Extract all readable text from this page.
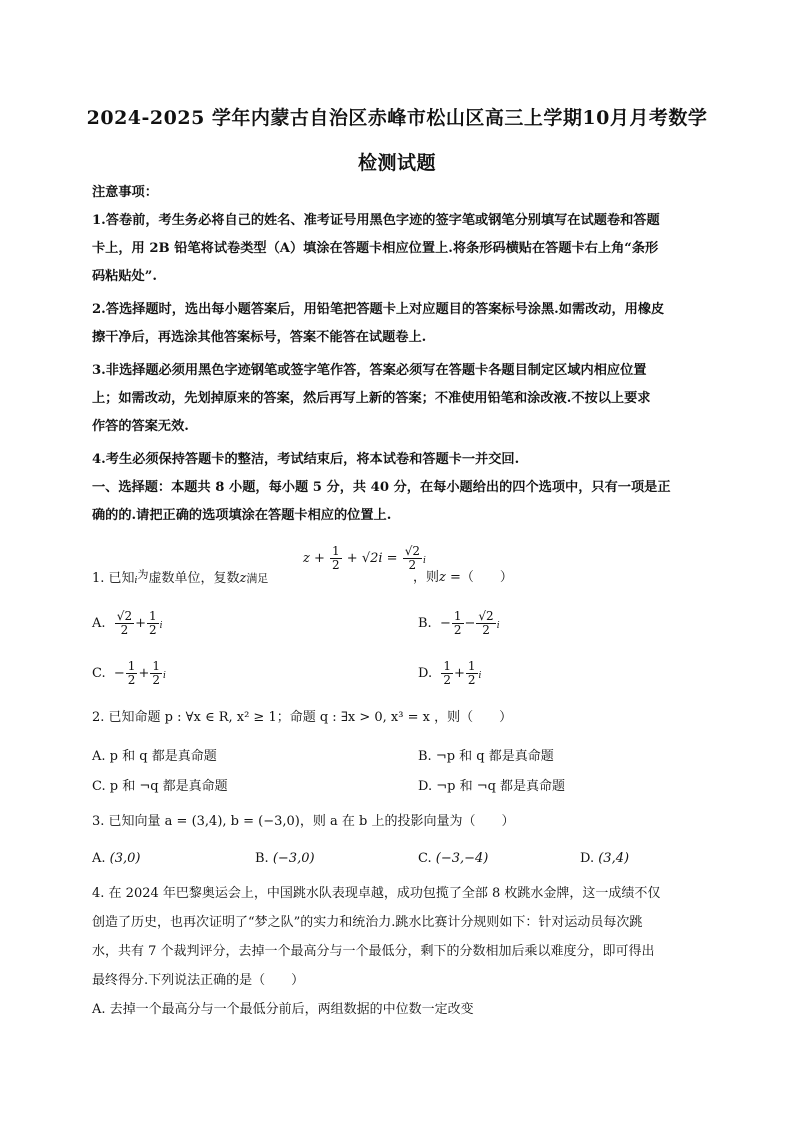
2024-2025 学年内蒙古自治区赤峰市松山区高三上学期10月月考数学
检测试题
注意事项：
1.答卷前，考生务必将自己的姓名、准考证号用黑色字迹的签字笔或钢笔分别填写在试题卷和答题
卡上，用 2B 铅笔将试卷类型（A）填涂在答题卡相应位置上.将条形码横贴在答题卡右上角“条形
码粘贴处”.
2.答选择题时，选出每小题答案后，用铅笔把答题卡上对应题目的答案标号涂黑.如需改动，用橡皮
擦干净后，再选涂其他答案标号，答案不能答在试题卷上.
3.非选择题必须用黑色字迹钢笔或签字笔作答，答案必须写在答题卡各题目制定区域内相应位置
上；如需改动，先划掉原来的答案，然后再写上新的答案；不准使用铅笔和涂改液.不按以上要求
作答的答案无效.
4.考生必须保持答题卡的整洁，考试结束后，将本试卷和答题卡一并交回.
一、选择题：本题共 8 小题，每小题 5 分，共 40 分，在每小题给出的四个选项中，只有一项是正
确的的.请把正确的选项填涂在答题卡相应的位置上.
1. 已知$i^为$虚数单位，复数z满足
$z + \frac{1}{2} + √2i = \frac{√2}{2}$ i
，则z =（　　）
A. $\frac{√2}{2} + \frac{1}{2}$ i	B. − $\frac{1}{2} - \frac{√2}{2}$ i
C. − $\frac{1}{2} + \frac{1}{2}$ i	D. $\frac{1}{2} + \frac{1}{2}$ i
2. 已知命题 p : ∀x ∈ R, x² ≥ 1；命题 q : ∃x > 0, x³ = x ，则（　　）
A. p 和 q 都是真命题	B. ¬p 和 q 都是真命题
C. p 和 ¬q 都是真命题	D. ¬p 和 ¬q 都是真命题
3. 已知向量 a = (3,4), b = (−3,0)，则 a 在 b 上的投影向量为（　　）
A. (3,0)	B. (−3,0)	C. (−3,−4)	D. (3,4)
4. 在 2024 年巴黎奥运会上，中国跳水队表现卓越，成功包揽了全部 8 枚跳水金牌，这一成绩不仅
创造了历史，也再次证明了“梦之队”的实力和统治力.跳水比赛计分规则如下：针对运动员每次跳
水，共有 7 个裁判评分，去掉一个最高分与一个最低分，剩下的分数相加后乘以难度分，即可得出
最终得分.下列说法正确的是（　　）
A. 去掉一个最高分与一个最低分前后，两组数据的中位数一定改变
